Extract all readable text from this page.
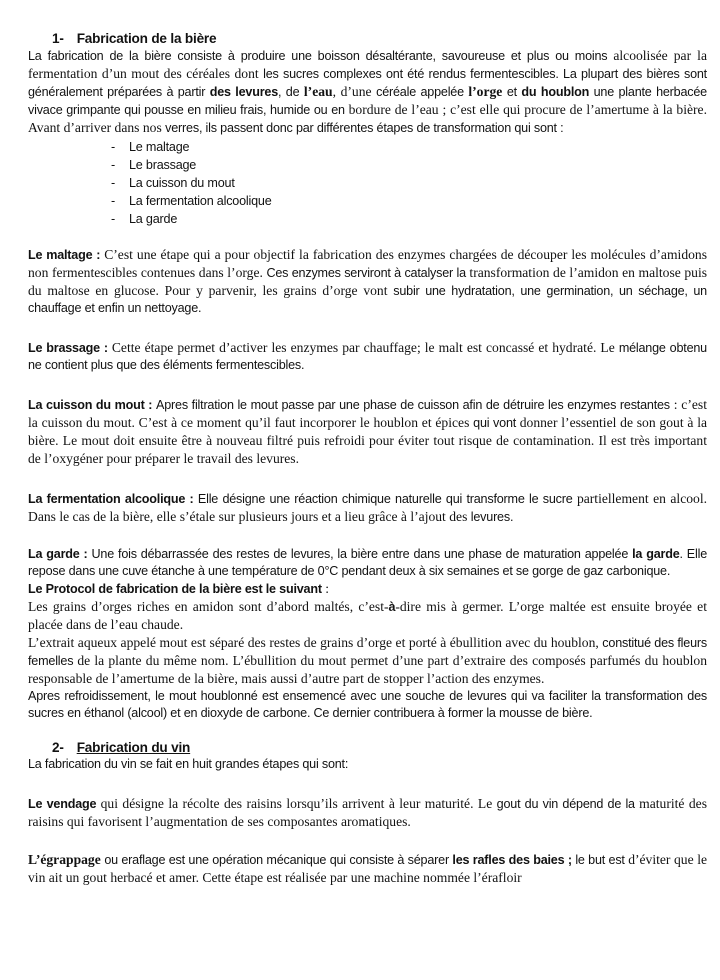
1- Fabrication de la bière

La fabrication de la bière consiste à produire une boisson désaltérante, savoureuse et plus ou moins alcoolisée par la fermentation d’un mout des céréales dont les sucres complexes ont été rendus fermentescibles. La plupart des bières sont généralement préparées à partir des levures, de l’eau, d’une céréale appelée l’orge et du houblon une plante herbacée vivace grimpante qui pousse en milieu frais, humide ou en bordure de l’eau ; c’est elle qui procure de l’amertume à la bière. Avant d’arriver dans nos verres, ils passent donc par différentes étapes de transformation qui sont :

- Le maltage
- Le brassage
- La cuisson du mout
- La fermentation alcoolique
- La garde

Le maltage : C’est une étape qui a pour objectif la fabrication des enzymes chargées de découper les molécules d’amidons non fermentescibles contenues dans l’orge. Ces enzymes serviront à catalyser la transformation de l’amidon en maltose puis du maltose en glucose. Pour y parvenir, les grains d’orge vont subir une hydratation, une germination, un séchage, un chauffage et enfin un nettoyage.

Le brassage : Cette étape permet d’activer les enzymes par chauffage; le malt est concassé et hydraté. Le mélange obtenu ne contient plus que des éléments fermentescibles.

La cuisson du mout : Apres filtration le mout passe par une phase de cuisson afin de détruire les enzymes restantes : c’est la cuisson du mout. C’est à ce moment qu’il faut incorporer le houblon et épices qui vont donner l’essentiel de son gout à la bière. Le mout doit ensuite être à nouveau filtré puis refroidi pour éviter tout risque de contamination. Il est très important de l’oxygéner pour préparer le travail des levures.

La fermentation alcoolique : Elle désigne une réaction chimique naturelle qui transforme le sucre partiellement en alcool. Dans le cas de la bière, elle s’étale sur plusieurs jours et a lieu grâce à l’ajout des levures.

La garde : Une fois débarrassée des restes de levures, la bière entre dans une phase de maturation appelée la garde. Elle repose dans une cuve étanche à une température de 0°C pendant deux à six semaines et se gorge de gaz carbonique.

Le Protocol de fabrication de la bière est le suivant :

Les grains d’orges riches en amidon sont d’abord maltés, c’est-à-dire mis à germer. L’orge maltée est ensuite broyée et placée dans de l’eau chaude.

L’extrait aqueux appelé mout est séparé des restes de grains d’orge et porté à ébullition avec du houblon, constitué des fleurs femelles de la plante du même nom. L’ébullition du mout permet d’une part d’extraire des composés parfumés du houblon responsable de l’amertume de la bière, mais aussi d’autre part de stopper l’action des enzymes.

Apres refroidissement, le mout houblonné est ensemencé avec une souche de levures qui va faciliter la transformation des sucres en éthanol (alcool) et en dioxyde de carbone. Ce dernier contribuera à former la mousse de bière.

2- Fabrication du vin

La fabrication du vin se fait en huit grandes étapes qui sont:

Le vendage qui désigne la récolte des raisins lorsqu’ils arrivent à leur maturité. Le gout du vin dépend de la maturité des raisins qui favorisent l’augmentation de ses composantes aromatiques.

L’égrappage ou eraflage est une opération mécanique qui consiste à séparer les rafles des baies ; le but est d’éviter que le vin ait un gout herbacé et amer. Cette étape est réalisée par une machine nommée l’érafloir
